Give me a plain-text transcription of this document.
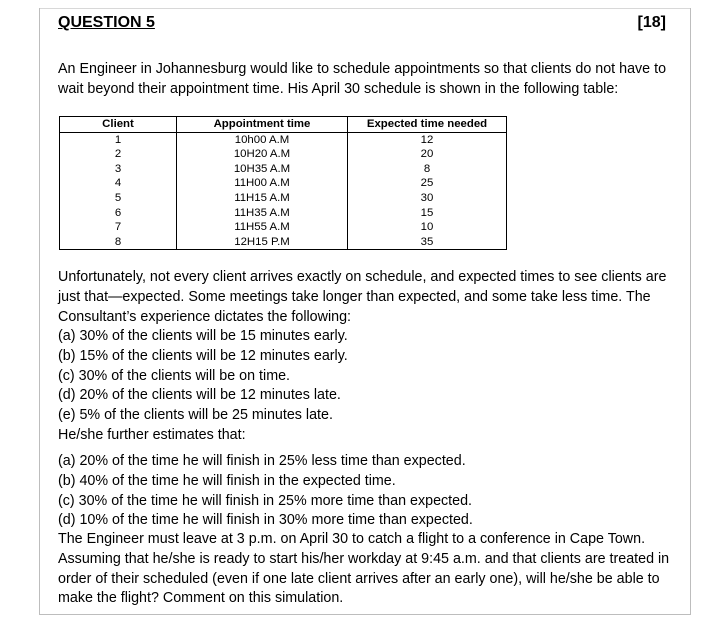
QUESTION 5	[18]
An Engineer in Johannesburg would like to schedule appointments so that clients do not have to wait beyond their appointment time. His April 30 schedule is shown in the following table:
Client	Appointment time	Expected time needed
1	10h00 A.M	12
2	10H20 A.M	20
3	10H35 A.M	8
4	11H00 A.M	25
5	11H15 A.M	30
6	11H35 A.M	15
7	11H55 A.M	10
8	12H15 P.M	35
Unfortunately, not every client arrives exactly on schedule, and expected times to see clients are just that—expected. Some meetings take longer than expected, and some take less time. The Consultant’s experience dictates the following:
(a) 30% of the clients will be 15 minutes early.
(b) 15% of the clients will be 12 minutes early.
(c) 30% of the clients will be on time.
(d) 20% of the clients will be 12 minutes late.
(e) 5% of the clients will be 25 minutes late.
He/she further estimates that:
(a) 20% of the time he will finish in 25% less time than expected.
(b) 40% of the time he will finish in the expected time.
(c) 30% of the time he will finish in 25% more time than expected.
(d) 10% of the time he will finish in 30% more time than expected.
The Engineer must leave at 3 p.m. on April 30 to catch a flight to a conference in Cape Town. Assuming that he/she is ready to start his/her workday at 9:45 a.m. and that clients are treated in order of their scheduled (even if one late client arrives after an early one), will he/she be able to make the flight? Comment on this simulation.
